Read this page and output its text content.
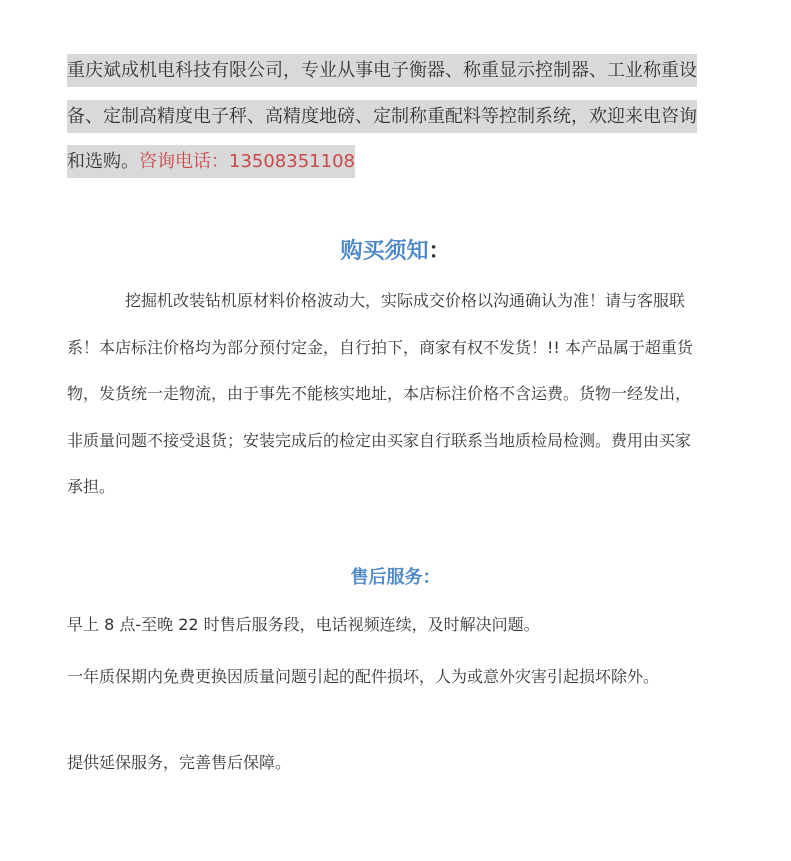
重庆斌成机电科技有限公司，专业从事电子衡器、称重显示控制器、工业称重设备、定制高精度电子秤、高精度地磅、定制称重配料等控制系统，欢迎来电咨询和选购。咨询电话：13508351108
购买须知：

挖掘机改装钻机原材料价格波动大，实际成交价格以沟通确认为准！请与客服联系！本店标注价格均为部分预付定金，自行拍下，商家有权不发货！!! 本产品属于超重货物，发货统一走物流，由于事先不能核实地址，本店标注价格不含运费。货物一经发出，非质量问题不接受退货；安装完成后的检定由买家自行联系当地质检局检测。费用由买家承担。

售后服务：

早上 8 点-至晚 22 时售后服务段，电话视频连续，及时解决问题。

一年质保期内免费更换因质量问题引起的配件损坏，人为或意外灾害引起损坏除外。

提供延保服务，完善售后保障。
